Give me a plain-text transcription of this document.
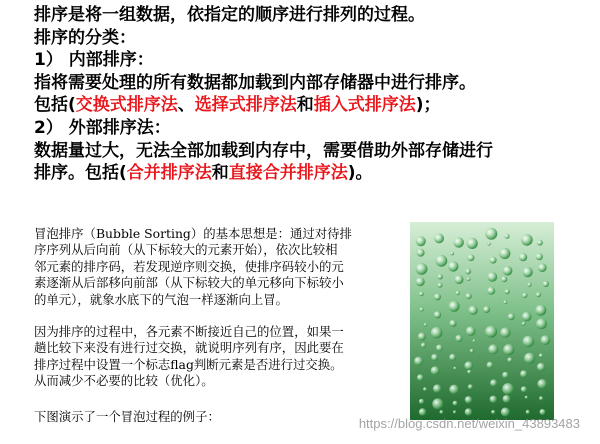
排序是将一组数据，依指定的顺序进行排列的过程。

排序的分类：

1） 内部排序：

指将需要处理的所有数据都加载到内部存储器中进行排序。

包括(交换式排序法、选择式排序法和插入式排序法)；

2） 外部排序法：

数据量过大，无法全部加载到内存中，需要借助外部存储进行

排序。包括(合并排序法和直接合并排序法)。

冒泡排序（Bubble Sorting）的基本思想是：通过对待排
序序列从后向前（从下标较大的元素开始），依次比较相
邻元素的排序码，若发现逆序则交换，使排序码较小的元
素逐渐从后部移向前部（从下标较大的单元移向下标较小
的单元），就象水底下的气泡一样逐渐向上冒。

因为排序的过程中，各元素不断接近自己的位置，如果一
趟比较下来没有进行过交换，就说明序列有序，因此要在
排序过程中设置一个标志flag判断元素是否进行过交换。
从而减少不必要的比较（优化）。

下图演示了一个冒泡过程的例子：	https://blog.csdn.net/weixin_43893483
